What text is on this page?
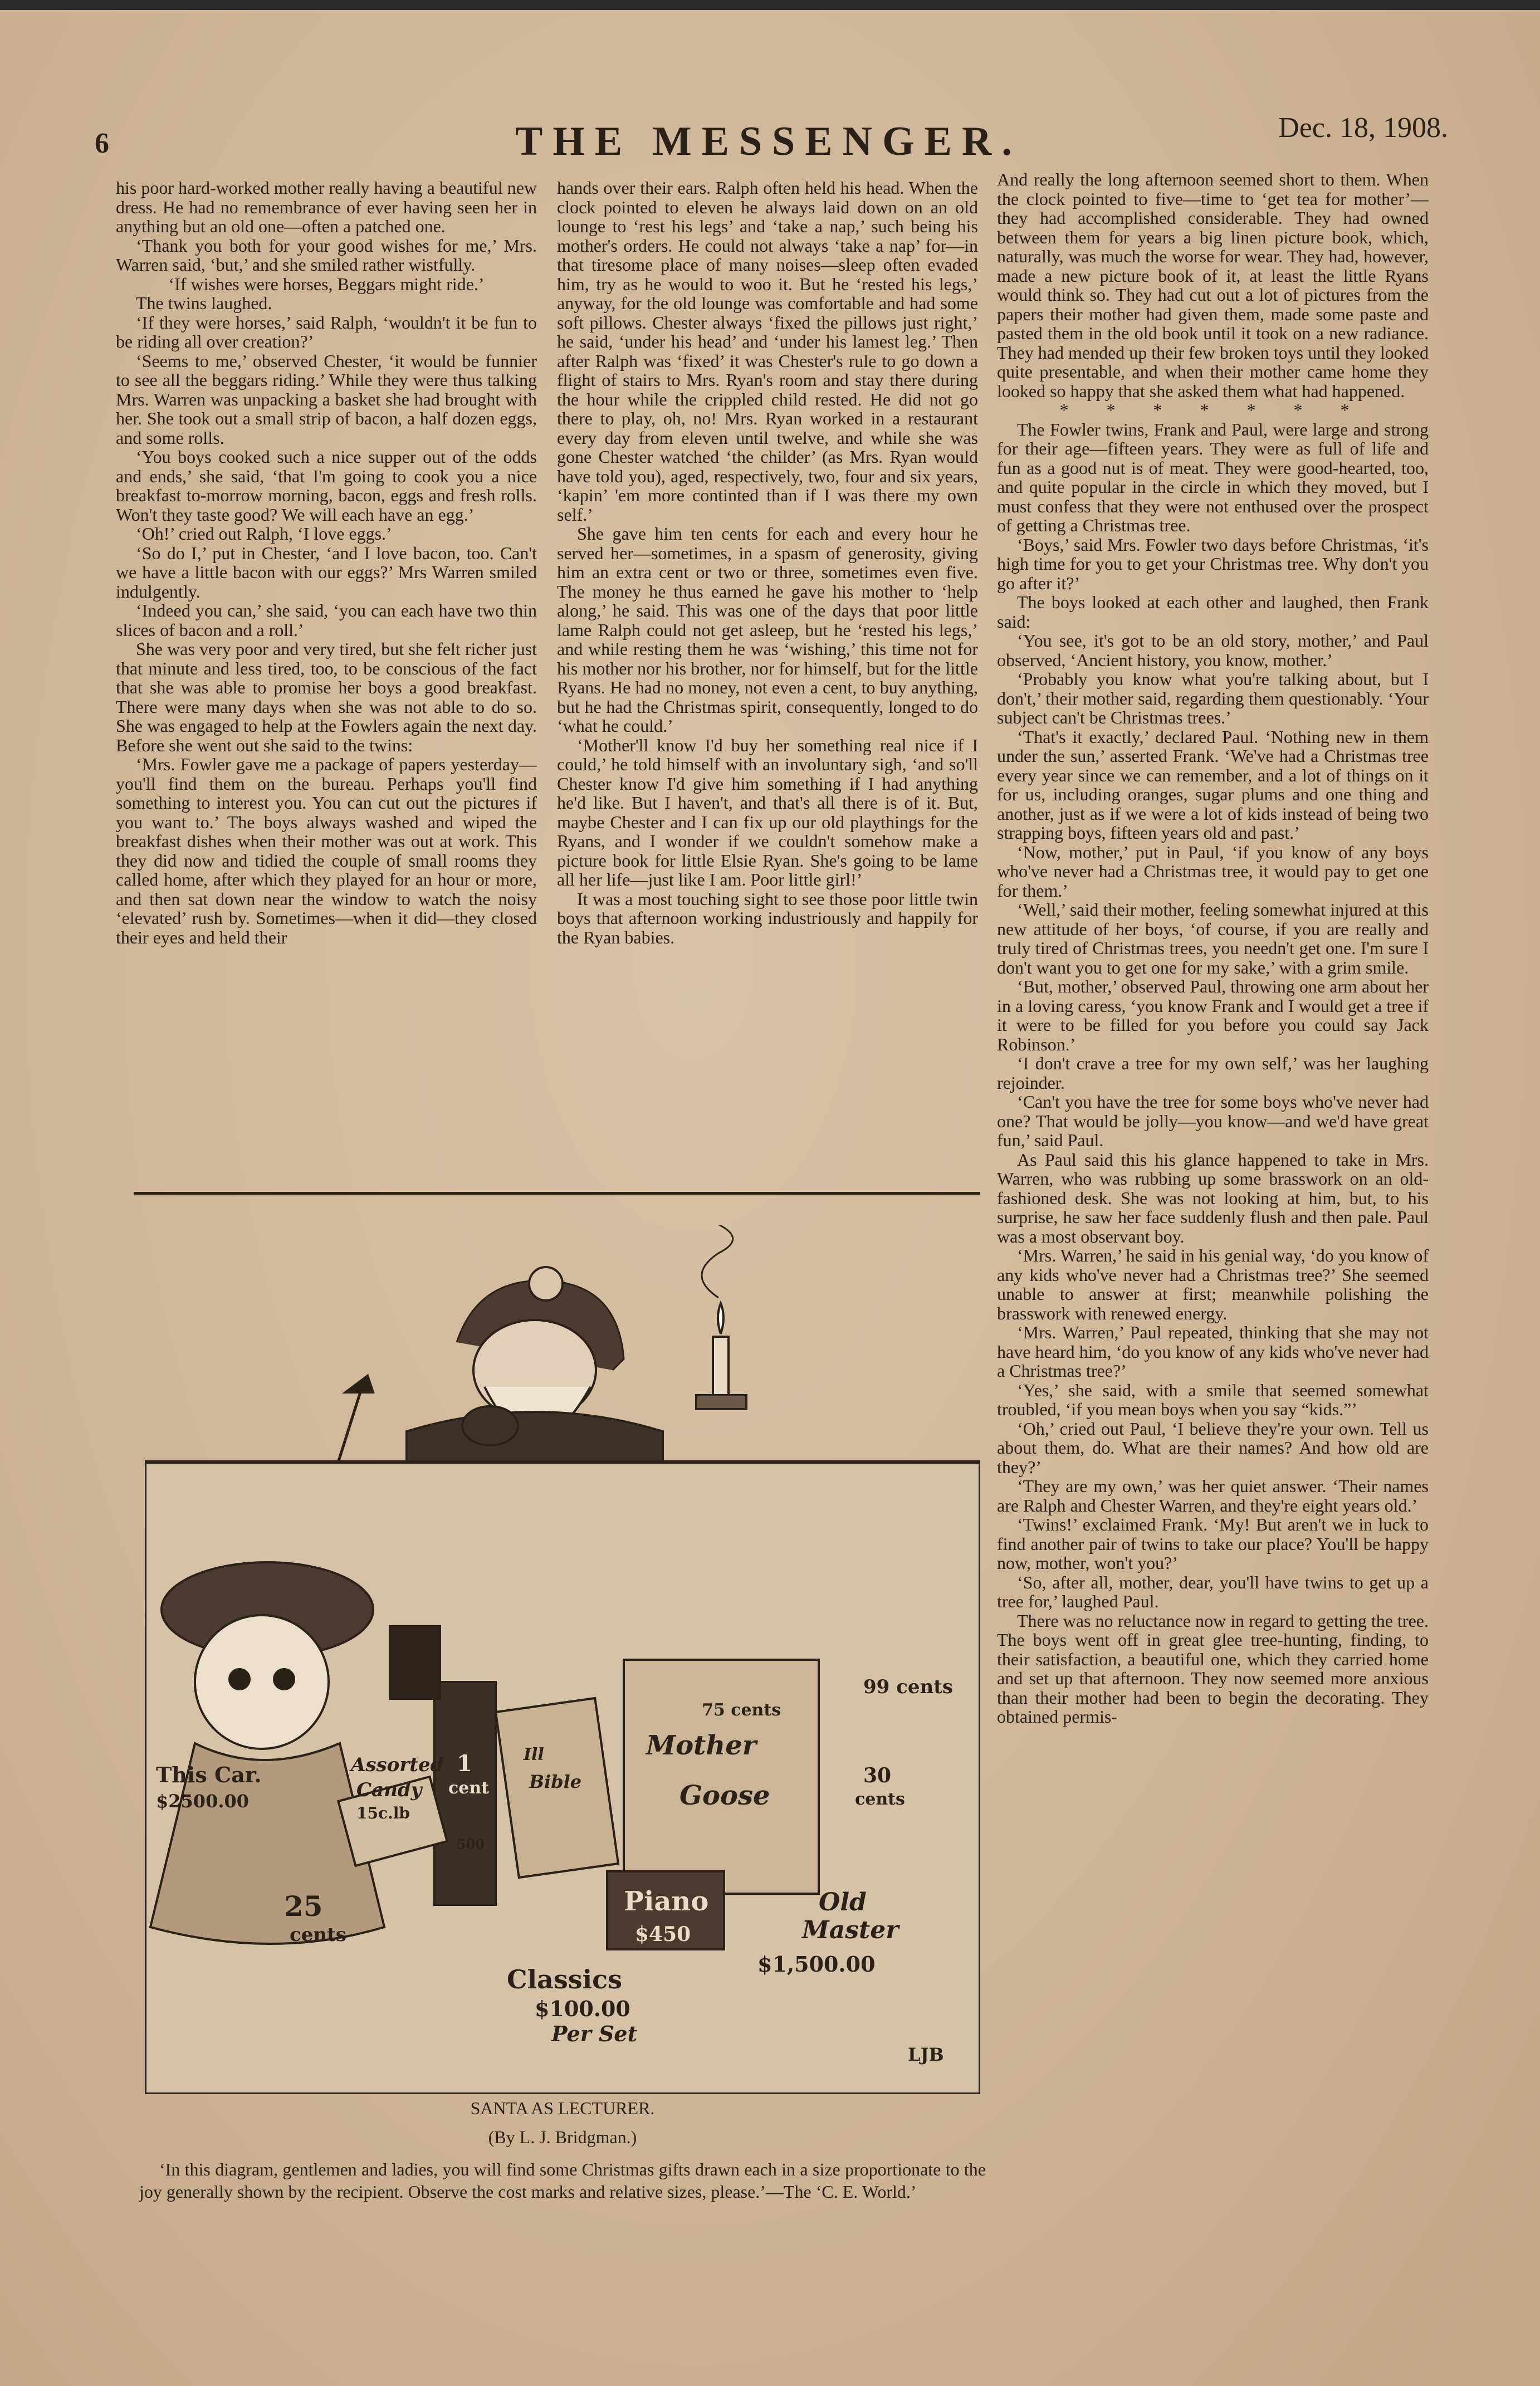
6	THE MESSENGER.	Dec. 18, 1908.

his poor hard-worked mother really having a beautiful new dress. He had no remembrance of ever having seen her in anything but an old one—often a patched one.

‘Thank you both for your good wishes for me,’ Mrs. Warren said, ‘but,’ and she smiled rather wistfully.

‘If wishes were horses, Beggars might ride.’

The twins laughed.

‘If they were horses,’ said Ralph, ‘wouldn't it be fun to be riding all over creation?’

‘Seems to me,’ observed Chester, ‘it would be funnier to see all the beggars riding.’ While they were thus talking Mrs. Warren was unpacking a basket she had brought with her. She took out a small strip of bacon, a half dozen eggs, and some rolls.

‘You boys cooked such a nice supper out of the odds and ends,’ she said, ‘that I'm going to cook you a nice breakfast to-morrow morning, bacon, eggs and fresh rolls. Won't they taste good? We will each have an egg.’

‘Oh!’ cried out Ralph, ‘I love eggs.’

‘So do I,’ put in Chester, ‘and I love bacon, too. Can't we have a little bacon with our eggs?’ Mrs Warren smiled indulgently.

‘Indeed you can,’ she said, ‘you can each have two thin slices of bacon and a roll.’

She was very poor and very tired, but she felt richer just that minute and less tired, too, to be conscious of the fact that she was able to promise her boys a good breakfast. There were many days when she was not able to do so. She was engaged to help at the Fowlers again the next day. Before she went out she said to the twins:

‘Mrs. Fowler gave me a package of papers yesterday—you'll find them on the bureau. Perhaps you'll find something to interest you. You can cut out the pictures if you want to.’ The boys always washed and wiped the breakfast dishes when their mother was out at work. This they did now and tidied the couple of small rooms they called home, after which they played for an hour or more, and then sat down near the window to watch the noisy ‘elevated’ rush by. Sometimes—when it did—they closed their eyes and held their

hands over their ears. Ralph often held his head. When the clock pointed to eleven he always laid down on an old lounge to ‘rest his legs’ and ‘take a nap,’ such being his mother's orders. He could not always ‘take a nap’ for—in that tiresome place of many noises—sleep often evaded him, try as he would to woo it. But he ‘rested his legs,’ anyway, for the old lounge was comfortable and had some soft pillows. Chester always ‘fixed the pillows just right,’ he said, ‘under his head’ and ‘under his lamest leg.’ Then after Ralph was ‘fixed’ it was Chester's rule to go down a flight of stairs to Mrs. Ryan's room and stay there during the hour while the crippled child rested. He did not go there to play, oh, no! Mrs. Ryan worked in a restaurant every day from eleven until twelve, and while she was gone Chester watched ‘the childer’ (as Mrs. Ryan would have told you), aged, respectively, two, four and six years, ‘kapin’ 'em more continted than if I was there my own self.’

She gave him ten cents for each and every hour he served her—sometimes, in a spasm of generosity, giving him an extra cent or two or three, sometimes even five. The money he thus earned he gave his mother to ‘help along,’ he said. This was one of the days that poor little lame Ralph could not get asleep, but he ‘rested his legs,’ and while resting them he was ‘wishing,’ this time not for his mother nor his brother, nor for himself, but for the little Ryans. He had no money, not even a cent, to buy anything, but he had the Christmas spirit, consequently, longed to do ‘what he could.’

‘Mother'll know I'd buy her something real nice if I could,’ he told himself with an involuntary sigh, ‘and so'll Chester know I'd give him something if I had anything he'd like. But I haven't, and that's all there is of it. But, maybe Chester and I can fix up our old playthings for the Ryans, and I wonder if we couldn't somehow make a picture book for little Elsie Ryan. She's going to be lame all her life—just like I am. Poor little girl!’

It was a most touching sight to see those poor little twin boys that afternoon working industriously and happily for the Ryan babies.

And really the long afternoon seemed short to them. When the clock pointed to five—time to ‘get tea for mother’—they had accomplished considerable. They had owned between them for years a big linen picture book, which, naturally, was much the worse for wear. They had, however, made a new picture book of it, at least the little Ryans would think so. They had cut out a lot of pictures from the papers their mother had given them, made some paste and pasted them in the old book until it took on a new radiance. They had mended up their few broken toys until they looked quite presentable, and when their mother came home they looked so happy that she asked them what had happened.

* * * * * * *

The Fowler twins, Frank and Paul, were large and strong for their age—fifteen years. They were as full of life and fun as a good nut is of meat. They were good-hearted, too, and quite popular in the circle in which they moved, but I must confess that they were not enthused over the prospect of getting a Christmas tree.

‘Boys,’ said Mrs. Fowler two days before Christmas, ‘it's high time for you to get your Christmas tree. Why don't you go after it?’

The boys looked at each other and laughed, then Frank said:

‘You see, it's got to be an old story, mother,’ and Paul observed, ‘Ancient history, you know, mother.’

‘Probably you know what you're talking about, but I don't,’ their mother said, regarding them questionably. ‘Your subject can't be Christmas trees.’

‘That's it exactly,’ declared Paul. ‘Nothing new in them under the sun,’ asserted Frank. ‘We've had a Christmas tree every year since we can remember, and a lot of things on it for us, including oranges, sugar plums and one thing and another, just as if we were a lot of kids instead of being two strapping boys, fifteen years old and past.’

‘Now, mother,’ put in Paul, ‘if you know of any boys who've never had a Christmas tree, it would pay to get one for them.’

‘Well,’ said their mother, feeling somewhat injured at this new attitude of her boys, ‘of course, if you are really and truly tired of Christmas trees, you needn't get one. I'm sure I don't want you to get one for my sake,’ with a grim smile.

‘But, mother,’ observed Paul, throwing one arm about her in a loving caress, ‘you know Frank and I would get a tree if it were to be filled for you before you could say Jack Robinson.’

‘I don't crave a tree for my own self,’ was her laughing rejoinder.

‘Can't you have the tree for some boys who've never had one? That would be jolly—you know—and we'd have great fun,’ said Paul.

As Paul said this his glance happened to take in Mrs. Warren, who was rubbing up some brasswork on an old-fashioned desk. She was not looking at him, but, to his surprise, he saw her face suddenly flush and then pale. Paul was a most observant boy.

‘Mrs. Warren,’ he said in his genial way, ‘do you know of any kids who've never had a Christmas tree?’ She seemed unable to answer at first; meanwhile polishing the brasswork with renewed energy.

‘Mrs. Warren,’ Paul repeated, thinking that she may not have heard him, ‘do you know of any kids who've never had a Christmas tree?’

‘Yes,’ she said, with a smile that seemed somewhat troubled, ‘if you mean boys when you say “kids.”’

‘Oh,’ cried out Paul, ‘I believe they're your own. Tell us about them, do. What are their names? And how old are they?’

‘They are my own,’ was her quiet answer. ‘Their names are Ralph and Chester Warren, and they're eight years old.’

‘Twins!’ exclaimed Frank. ‘My! But aren't we in luck to find another pair of twins to take our place? You'll be happy now, mother, won't you?’

‘So, after all, mother, dear, you'll have twins to get up a tree for,’ laughed Paul.

There was no reluctance now in regard to getting the tree. The boys went off in great glee tree-hunting, finding, to their satisfaction, a beautiful one, which they carried home and set up that afternoon. They now seemed more anxious than their mother had been to begin the decorating. They obtained permis-

This Car.
$2500.00
Assorted
Candy
15c.lb
1
cent
Ill
Bible
75 cents
99 cents
Mother
Goose
30
cents
25
cents
Piano
$450
Old
Master
$1,500.00
Classics
$100.00
Per Set
500
LJB

SANTA AS LECTURER.

(By L. J. Bridgman.)

‘In this diagram, gentlemen and ladies, you will find some Christmas gifts drawn each in a size proportionate to the joy generally shown by the recipient. Observe the cost marks and relative sizes, please.’—The ‘C. E. World.’
